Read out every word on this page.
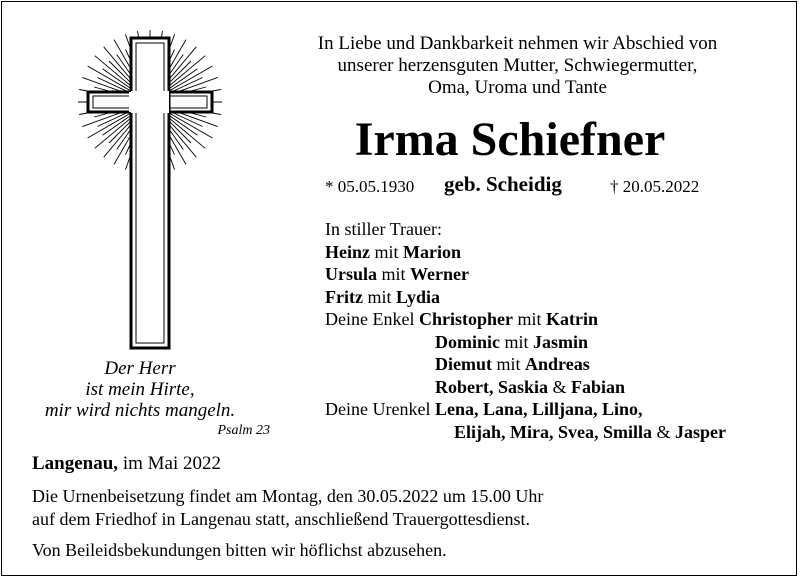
In Liebe und Dankbarkeit nehmen wir Abschied von
unserer herzensguten Mutter, Schwiegermutter,
Oma, Uroma und Tante
Irma Schiefner
* 05.05.1930 geb. Scheidig	† 20.05.2022
In stiller Trauer:
Heinz mit Marion
Ursula mit Werner
Fritz mit Lydia
Deine Enkel Christopher mit Katrin
Dominic mit Jasmin
Diemut mit Andreas
Robert, Saskia & Fabian
Deine Urenkel Lena, Lana, Lilljana, Lino,
Elijah, Mira, Svea, Smilla & Jasper
Der Herr
ist mein Hirte,
mir wird nichts mangeln.
Psalm 23
Langenau, im Mai 2022
Die Urnenbeisetzung findet am Montag, den 30.05.2022 um 15.00 Uhr
auf dem Friedhof in Langenau statt, anschließend Trauergottesdienst.
Von Beileidsbekundungen bitten wir höflichst abzusehen.
